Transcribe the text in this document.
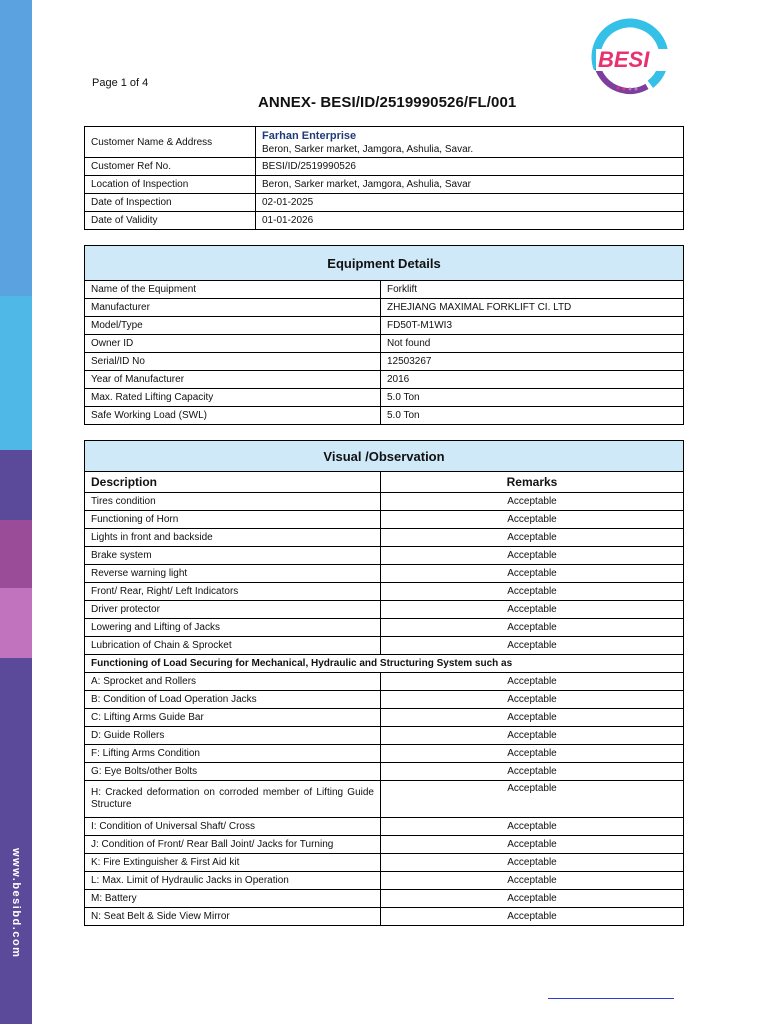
www.besibd.com
BESI
Page 1 of 4
ANNEX- BESI/ID/2519990526/FL/001
Customer Name & Address	Farhan Enterprise
Beron, Sarker market, Jamgora, Ashulia, Savar.

Customer Ref No.	BESI/ID/2519990526
Location of Inspection	Beron, Sarker market, Jamgora, Ashulia, Savar
Date of Inspection	02-01-2025
Date of Validity	01-01-2026
Equipment Details	
Name of the Equipment	Forklift
Manufacturer	ZHEJIANG MAXIMAL FORKLIFT CI. LTD
Model/Type	FD50T-M1WI3
Owner ID	Not found
Serial/ID No	12503267
Year of Manufacturer	2016
Max. Rated Lifting Capacity	5.0 Ton
Safe Working Load (SWL)	5.0 Ton
Visual /Observation	
Description	Remarks
Tires condition	Acceptable
Functioning of Horn	Acceptable
Lights in front and backside	Acceptable
Brake system	Acceptable
Reverse warning light	Acceptable
Front/ Rear, Right/ Left Indicators	Acceptable
Driver protector	Acceptable
Lowering and Lifting of Jacks	Acceptable
Lubrication of Chain & Sprocket	Acceptable
Functioning of Load Securing for Mechanical, Hydraulic and Structuring System such as	
A: Sprocket and Rollers	Acceptable
B: Condition of Load Operation Jacks	Acceptable
C: Lifting Arms Guide Bar	Acceptable
D: Guide Rollers	Acceptable
F: Lifting Arms Condition	Acceptable
G: Eye Bolts/other Bolts	Acceptable
H: Cracked deformation on corroded member of Lifting Guide Structure	Acceptable
I: Condition of Universal Shaft/ Cross	Acceptable
J: Condition of Front/ Rear Ball Joint/ Jacks for Turning	Acceptable
K: Fire Extinguisher & First Aid kit	Acceptable
L: Max. Limit of Hydraulic Jacks in Operation	Acceptable
M: Battery	Acceptable
N: Seat Belt & Side View Mirror	Acceptable
